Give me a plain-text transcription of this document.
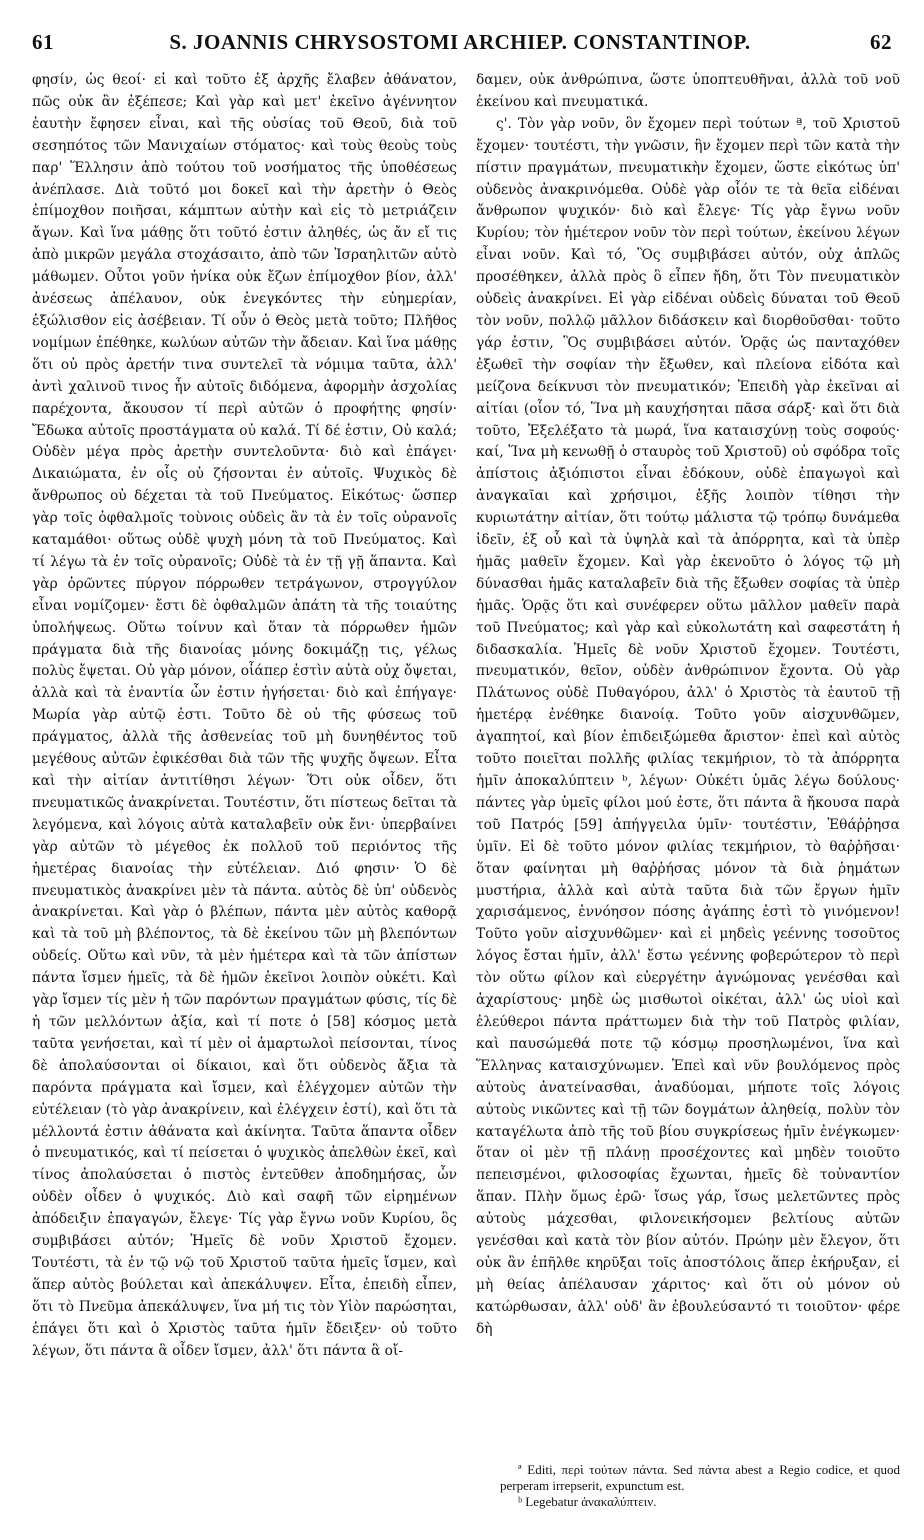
61	S. JOANNIS CHRYSOSTOMI ARCHIEP. CONSTANTINOP.	62

φησίν, ὡς θεοί· εἰ καὶ τοῦτο ἐξ ἀρχῆς ἔλαβεν ἀθάνατον, πῶς οὐκ ἂν ἐξέπεσε; Καὶ γὰρ καὶ μετ' ἐκεῖνο ἀγέννητον ἑαυτὴν ἔφησεν εἶναι, καὶ τῆς οὐσίας τοῦ Θεοῦ, διὰ τοῦ σεσηπότος τῶν Μανιχαίων στόματος· καὶ τοὺς θεοὺς τοὺς παρ' Ἕλλησιν ἀπὸ τούτου τοῦ νοσήματος τῆς ὑποθέσεως ἀνέπλασε. Διὰ τοῦτό μοι δοκεῖ καὶ τὴν ἀρετὴν ὁ Θεὸς ἐπίμοχθον ποιῆσαι, κάμπτων αὐτὴν καὶ εἰς τὸ μετριάζειν ἄγων. Καὶ ἵνα μάθῃς ὅτι τοῦτό ἐστιν ἀληθές, ὡς ἄν εἴ τις ἀπὸ μικρῶν μεγάλα στοχάσαιτο, ἀπὸ τῶν Ἰσραηλιτῶν αὐτὸ μάθωμεν. Οὗτοι γοῦν ἡνίκα οὐκ ἔζων ἐπίμοχθον βίον, ἀλλ' ἀνέσεως ἀπέλαυον, οὐκ ἐνεγκόντες τὴν εὐημερίαν, ἐξώλισθον εἰς ἀσέβειαν. Τί οὖν ὁ Θεὸς μετὰ τοῦτο; Πλῆθος νομίμων ἐπέθηκε, κωλύων αὐτῶν τὴν ἄδειαν. Καὶ ἵνα μάθῃς ὅτι οὐ πρὸς ἀρετήν τινα συντελεῖ τὰ νόμιμα ταῦτα, ἀλλ' ἀντὶ χαλινοῦ τινος ἦν αὐτοῖς διδόμενα, ἀφορμὴν ἀσχολίας παρέχοντα, ἄκουσον τί περὶ αὐτῶν ὁ προφήτης φησίν· Ἔδωκα αὐτοῖς προστάγματα οὐ καλά. Τί δέ ἐστιν, Οὐ καλά; Οὐδὲν μέγα πρὸς ἀρετὴν συντελοῦντα· διὸ καὶ ἐπάγει· Δικαιώματα, ἐν οἷς οὐ ζήσονται ἐν αὐτοῖς. Ψυχικὸς δὲ ἄνθρωπος οὐ δέχεται τὰ τοῦ Πνεύματος. Εἰκότως· ὥσπερ γὰρ τοῖς ὀφθαλμοῖς τοὺνοις οὐδεὶς ἂν τὰ ἐν τοῖς οὐρανοῖς καταμάθοι· οὕτως οὐδὲ ψυχὴ μόνη τὰ τοῦ Πνεύματος. Καὶ τί λέγω τὰ ἐν τοῖς οὐρανοῖς; Οὐδὲ τὰ ἐν τῇ γῇ ἅπαντα. Καὶ γὰρ ὁρῶντες πύργον πόρρωθεν τετράγωνον, στρογγύλον εἶναι νομίζομεν· ἔστι δὲ ὀφθαλμῶν ἀπάτη τὰ τῆς τοιαύτης ὑπολήψεως. Οὕτω τοίνυν καὶ ὅταν τὰ πόρρωθεν ἡμῶν πράγματα διὰ τῆς διανοίας μόνης δοκιμάζῃ τις, γέλως πολὺς ἔψεται. Οὐ γὰρ μόνον, οἷάπερ ἐστὶν αὐτὰ οὐχ ὄψεται, ἀλλὰ καὶ τὰ ἐναντία ὧν ἐστιν ἡγήσεται· διὸ καὶ ἐπήγαγε· Μωρία γὰρ αὐτῷ ἐστι. Τοῦτο δὲ οὐ τῆς φύσεως τοῦ πράγματος, ἀλλὰ τῆς ἀσθενείας τοῦ μὴ δυνηθέντος τοῦ μεγέθους αὐτῶν ἐφικέσθαι διὰ τῶν τῆς ψυχῆς ὄψεων. Εἶτα καὶ τὴν αἰτίαν ἀντιτίθησι λέγων· Ὅτι οὐκ οἶδεν, ὅτι πνευματικῶς ἀνακρίνεται. Τουτέστιν, ὅτι πίστεως δεῖται τὰ λεγόμενα, καὶ λόγοις αὐτὰ καταλαβεῖν οὐκ ἔνι· ὑπερβαίνει γὰρ αὐτῶν τὸ μέγεθος ἐκ πολλοῦ τοῦ περιόντος τῆς ἡμετέρας διανοίας τὴν εὐτέλειαν. Διό φησιν· Ὁ δὲ πνευματικὸς ἀνακρίνει μὲν τὰ πάντα. αὐτὸς δὲ ὑπ' οὐδενὸς ἀνακρίνεται. Καὶ γὰρ ὁ βλέπων, πάντα μὲν αὐτὸς καθορᾷ καὶ τὰ τοῦ μὴ βλέποντος, τὰ δὲ ἐκείνου τῶν μὴ βλεπόντων οὐδείς. Οὕτω καὶ νῦν, τὰ μὲν ἡμέτερα καὶ τὰ τῶν ἀπίστων πάντα ἴσμεν ἡμεῖς, τὰ δὲ ἡμῶν ἐκεῖνοι λοιπὸν οὐκέτι. Καὶ γὰρ ἴσμεν τίς μὲν ἡ τῶν παρόντων πραγμάτων φύσις, τίς δὲ ἡ τῶν μελλόντων ἀξία, καὶ τί ποτε ὁ [58] κόσμος μετὰ ταῦτα γενήσεται, καὶ τί μὲν οἱ ἁμαρτωλοὶ πείσονται, τίνος δὲ ἀπολαύσονται οἱ δίκαιοι, καὶ ὅτι οὐδενὸς ἄξια τὰ παρόντα πράγματα καὶ ἴσμεν, καὶ ἐλέγχομεν αὐτῶν τὴν εὐτέλειαν (τὸ γὰρ ἀνακρίνειν, καὶ ἐλέγχειν ἐστί), καὶ ὅτι τὰ μέλλοντά ἐστιν ἀθάνατα καὶ ἀκίνητα. Ταῦτα ἅπαντα οἶδεν ὁ πνευματικός, καὶ τί πείσεται ὁ ψυχικὸς ἀπελθὼν ἐκεῖ, καὶ τίνος ἀπολαύσεται ὁ πιστὸς ἐντεῦθεν ἀποδημήσας, ὧν οὐδὲν οἶδεν ὁ ψυχικός. Διὸ καὶ σαφῆ τῶν εἰρημένων ἀπόδειξιν ἐπαγαγών, ἔλεγε· Τίς γὰρ ἔγνω νοῦν Κυρίου, ὃς συμβιβάσει αὐτόν; Ἡμεῖς δὲ νοῦν Χριστοῦ ἔχομεν. Τουτέστι, τὰ ἐν τῷ νῷ τοῦ Χριστοῦ ταῦτα ἡμεῖς ἴσμεν, καὶ ἅπερ αὐτὸς βούλεται καὶ ἀπεκάλυψεν. Εἶτα, ἐπειδὴ εἶπεν, ὅτι τὸ Πνεῦμα ἀπεκάλυψεν, ἵνα μή τις τὸν Υἱὸν παρώσηται, ἐπάγει ὅτι καὶ ὁ Χριστὸς ταῦτα ἡμῖν ἔδειξεν· οὐ τοῦτο λέγων, ὅτι πάντα ἃ οἶδεν ἴσμεν, ἀλλ' ὅτι πάντα ἃ οἴ-

δαμεν, οὐκ ἀνθρώπινα, ὥστε ὑποπτευθῆναι, ἀλλὰ τοῦ νοῦ ἐκείνου καὶ πνευματικά.

ς'. Τὸν γὰρ νοῦν, ὃν ἔχομεν περὶ τούτων ª, τοῦ Χριστοῦ ἔχομεν· τουτέστι, τὴν γνῶσιν, ἣν ἔχομεν περὶ τῶν κατὰ τὴν πίστιν πραγμάτων, πνευματικὴν ἔχομεν, ὥστε εἰκότως ὑπ' οὐδενὸς ἀνακρινόμεθα. Οὐδὲ γὰρ οἷόν τε τὰ θεῖα εἰδέναι ἄνθρωπον ψυχικόν· διὸ καὶ ἔλεγε· Τίς γὰρ ἔγνω νοῦν Κυρίου; τὸν ἡμέτερον νοῦν τὸν περὶ τούτων, ἐκείνου λέγων εἶναι νοῦν. Καὶ τό, Ὃς συμβιβάσει αὐτόν, οὐχ ἁπλῶς προσέθηκεν, ἀλλὰ πρὸς ὃ εἶπεν ἤδη, ὅτι Τὸν πνευματικὸν οὐδεὶς ἀνακρίνει. Εἰ γὰρ εἰδέναι οὐδεὶς δύναται τοῦ Θεοῦ τὸν νοῦν, πολλῷ μᾶλλον διδάσκειν καὶ διορθοῦσθαι· τοῦτο γάρ ἐστιν, Ὃς συμβιβάσει αὐτόν. Ὁρᾷς ὡς πανταχόθεν ἐξωθεῖ τὴν σοφίαν τὴν ἔξωθεν, καὶ πλείονα εἰδότα καὶ μείζονα δείκνυσι τὸν πνευματικόν; Ἐπειδὴ γὰρ ἐκεῖναι αἱ αἰτίαι (οἷον τό, Ἵνα μὴ καυχήσηται πᾶσα σάρξ· καὶ ὅτι διὰ τοῦτο, Ἐξελέξατο τὰ μωρά, ἵνα καταισχύνῃ τοὺς σοφούς· καί, Ἵνα μὴ κενωθῇ ὁ σταυρὸς τοῦ Χριστοῦ) οὐ σφόδρα τοῖς ἀπίστοις ἀξιόπιστοι εἶναι ἐδόκουν, οὐδὲ ἐπαγωγοὶ καὶ ἀναγκαῖαι καὶ χρήσιμοι, ἑξῆς λοιπὸν τίθησι τὴν κυριωτάτην αἰτίαν, ὅτι τούτῳ μάλιστα τῷ τρόπῳ δυνάμεθα ἰδεῖν, ἐξ οὗ καὶ τὰ ὑψηλὰ καὶ τὰ ἀπόρρητα, καὶ τὰ ὑπὲρ ἡμᾶς μαθεῖν ἔχομεν. Καὶ γὰρ ἐκενοῦτο ὁ λόγος τῷ μὴ δύνασθαι ἡμᾶς καταλαβεῖν διὰ τῆς ἔξωθεν σοφίας τὰ ὑπὲρ ἡμᾶς. Ὁρᾷς ὅτι καὶ συνέφερεν οὕτω μᾶλλον μαθεῖν παρὰ τοῦ Πνεύματος; καὶ γὰρ καὶ εὐκολωτάτη καὶ σαφεστάτη ἡ διδασκαλία. Ἡμεῖς δὲ νοῦν Χριστοῦ ἔχομεν. Τουτέστι, πνευματικόν, θεῖον, οὐδὲν ἀνθρώπινον ἔχοντα. Οὐ γὰρ Πλάτωνος οὐδὲ Πυθαγόρου, ἀλλ' ὁ Χριστὸς τὰ ἑαυτοῦ τῇ ἡμετέρᾳ ἐνέθηκε διανοίᾳ. Τοῦτο γοῦν αἰσχυνθῶμεν, ἀγαπητοί, καὶ βίον ἐπιδειξώμεθα ἄριστον· ἐπεὶ καὶ αὐτὸς τοῦτο ποιεῖται πολλῆς φιλίας τεκμήριον, τὸ τὰ ἀπόρρητα ἡμῖν ἀποκαλύπτειν ᵇ, λέγων· Οὐκέτι ὑμᾶς λέγω δούλους· πάντες γὰρ ὑμεῖς φίλοι μού ἐστε, ὅτι πάντα ἃ ἤκουσα παρὰ τοῦ Πατρός [59] ἀπήγγειλα ὑμῖν· τουτέστιν, Ἐθάῤῥησα ὑμῖν. Εἰ δὲ τοῦτο μόνον φιλίας τεκμήριον, τὸ θαῤῥῆσαι· ὅταν φαίνηται μὴ θαῤῥήσας μόνον τὰ διὰ ῥημάτων μυστήρια, ἀλλὰ καὶ αὐτὰ ταῦτα διὰ τῶν ἔργων ἡμῖν χαρισάμενος, ἐννόησον πόσης ἀγάπης ἐστὶ τὸ γινόμενον! Τοῦτο γοῦν αἰσχυνθῶμεν· καὶ εἰ μηδεὶς γεέννης τοσοῦτος λόγος ἔσται ἡμῖν, ἀλλ' ἔστω γεέννης φοβερώτερον τὸ περὶ τὸν οὕτω φίλον καὶ εὐεργέτην ἀγνώμονας γενέσθαι καὶ ἀχαρίστους· μηδὲ ὡς μισθωτοὶ οἰκέται, ἀλλ' ὡς υἱοὶ καὶ ἐλεύθεροι πάντα πράττωμεν διὰ τὴν τοῦ Πατρὸς φιλίαν, καὶ παυσώμεθά ποτε τῷ κόσμῳ προσηλωμένοι, ἵνα καὶ Ἕλληνας καταισχύνωμεν. Ἐπεὶ καὶ νῦν βουλόμενος πρὸς αὐτοὺς ἀνατείνασθαι, ἀναδύομαι, μήποτε τοῖς λόγοις αὐτοὺς νικῶντες καὶ τῇ τῶν δογμάτων ἀληθείᾳ, πολὺν τὸν καταγέλωτα ἀπὸ τῆς τοῦ βίου συγκρίσεως ἡμῖν ἐνέγκωμεν· ὅταν οἱ μὲν τῇ πλάνῃ προσέχοντες καὶ μηδὲν τοιοῦτο πεπεισμένοι, φιλοσοφίας ἔχωνται, ἡμεῖς δὲ τοὐναντίον ἅπαν. Πλὴν ὅμως ἐρῶ· ἴσως γάρ, ἴσως μελετῶντες πρὸς αὐτοὺς μάχεσθαι, φιλονεικήσομεν βελτίους αὐτῶν γενέσθαι καὶ κατὰ τὸν βίον αὐτόν. Πρώην μὲν ἔλεγον, ὅτι οὐκ ἂν ἐπῆλθε κηρῦξαι τοῖς ἀποστόλοις ἅπερ ἐκήρυξαν, εἰ μὴ θείας ἀπέλαυσαν χάριτος· καὶ ὅτι οὐ μόνον οὐ κατώρθωσαν, ἀλλ' οὐδ' ἂν ἐβουλεύσαντό τι τοιοῦτον· φέρε δὴ

ª Editi, περὶ τούτων πάντα. Sed πάντα abest a Regio codice, et quod perperam irrepserit, expunctum est.
ᵇ Legebatur ἀνακαλύπτειν.
